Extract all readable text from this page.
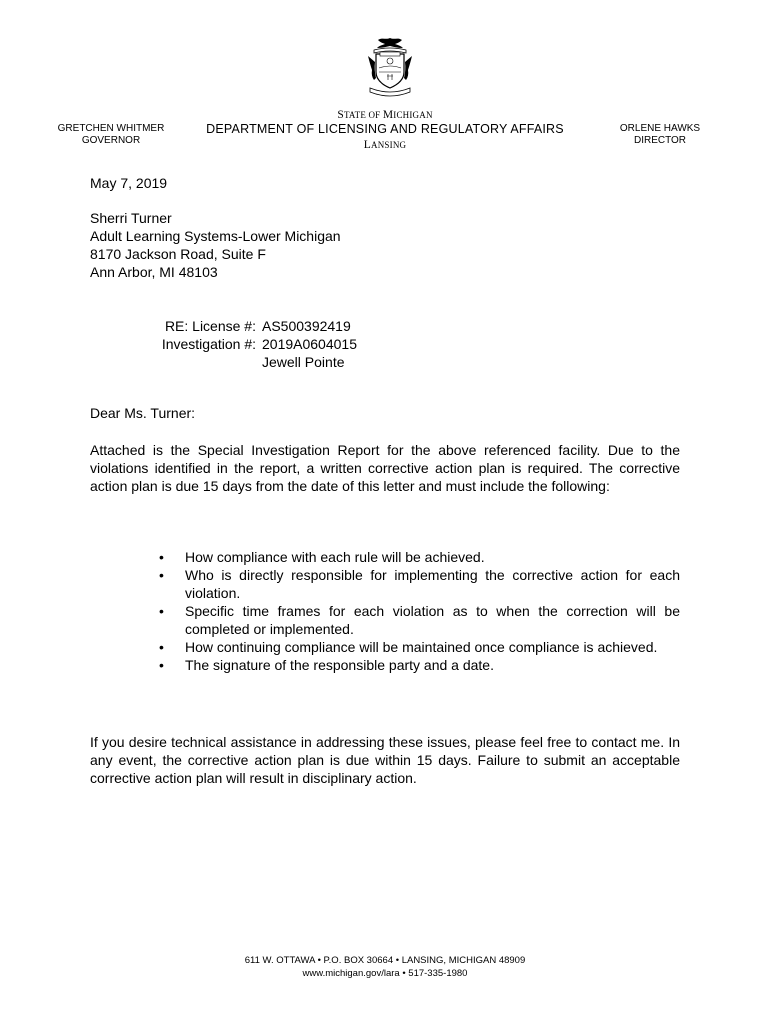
STATE OF MICHIGAN
DEPARTMENT OF LICENSING AND REGULATORY AFFAIRS
LANSING
GRETCHEN WHITMER
GOVERNOR
ORLENE HAWKS
DIRECTOR
May 7, 2019
Sherri Turner
Adult Learning Systems-Lower Michigan
8170 Jackson Road, Suite F
Ann Arbor, MI 48103
RE: License #:
Investigation #:
AS500392419
2019A0604015
Jewell Pointe
Dear Ms. Turner:
Attached is the Special Investigation Report for the above referenced facility. Due to the violations identified in the report, a written corrective action plan is required. The corrective action plan is due 15 days from the date of this letter and must include the following:
• How compliance with each rule will be achieved.
• Who is directly responsible for implementing the corrective action for each violation.
• Specific time frames for each violation as to when the correction will be completed or implemented.
• How continuing compliance will be maintained once compliance is achieved.
• The signature of the responsible party and a date.
If you desire technical assistance in addressing these issues, please feel free to contact me. In any event, the corrective action plan is due within 15 days. Failure to submit an acceptable corrective action plan will result in disciplinary action.
611 W. OTTAWA • P.O. BOX 30664 • LANSING, MICHIGAN 48909
www.michigan.gov/lara • 517-335-1980
